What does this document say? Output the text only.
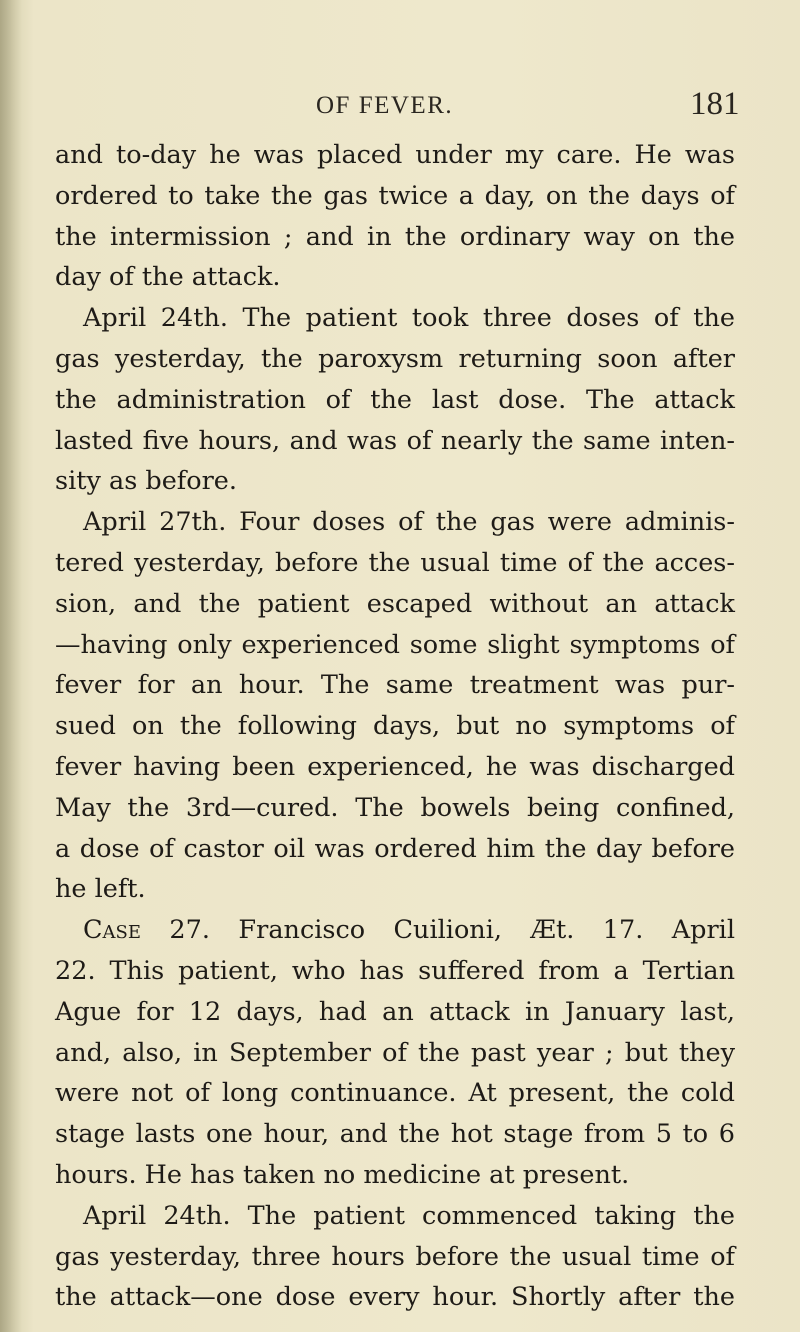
OF FEVER.	181
and to-day he was placed under my care. He was
ordered to take the gas twice a day, on the days of
the intermission ; and in the ordinary way on the
day of the attack.
April 24th. The patient took three doses of the
gas yesterday, the paroxysm returning soon after
the administration of the last dose. The attack
lasted five hours, and was of nearly the same inten-
sity as before.
April 27th. Four doses of the gas were adminis-
tered yesterday, before the usual time of the acces-
sion, and the patient escaped without an attack
—having only experienced some slight symptoms of
fever for an hour. The same treatment was pur-
sued on the following days, but no symptoms of
fever having been experienced, he was discharged
May the 3rd—cured. The bowels being confined,
a dose of castor oil was ordered him the day before
he left.
Case 27. Francisco Cuilioni, Æt. 17. April
22. This patient, who has suffered from a Tertian
Ague for 12 days, had an attack in January last,
and, also, in September of the past year ; but they
were not of long continuance. At present, the cold
stage lasts one hour, and the hot stage from 5 to 6
hours. He has taken no medicine at present.
April 24th. The patient commenced taking the
gas yesterday, three hours before the usual time of
the attack—one dose every hour. Shortly after the
